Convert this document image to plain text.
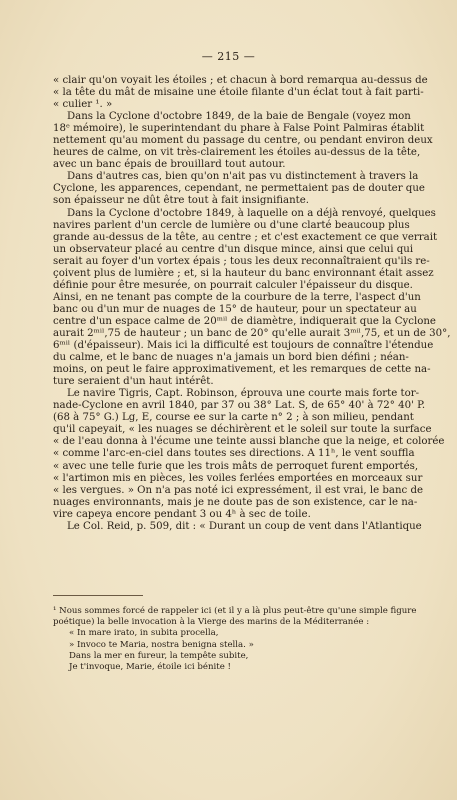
— 215 —
« clair qu'on voyait les étoiles ; et chacun à bord remarqua au-dessus de
« la tête du mât de misaine une étoile filante d'un éclat tout à fait parti-
« culier ¹. »
Dans la Cyclone d'octobre 1849, de la baie de Bengale (voyez mon
18ᵉ mémoire), le superintendant du phare à False Point Palmiras établit
nettement qu'au moment du passage du centre, ou pendant environ deux
heures de calme, on vit très-clairement les étoiles au-dessus de la tête,
avec un banc épais de brouillard tout autour.
Dans d'autres cas, bien qu'on n'ait pas vu distinctement à travers la
Cyclone, les apparences, cependant, ne permettaient pas de douter que
son épaisseur ne dût être tout à fait insignifiante.
Dans la Cyclone d'octobre 1849, à laquelle on a déjà renvoyé, quelques
navires parlent d'un cercle de lumière ou d'une clarté beaucoup plus
grande au-dessus de la tête, au centre ; et c'est exactement ce que verrait
un observateur placé au centre d'un disque mince, ainsi que celui qui
serait au foyer d'un vortex épais ; tous les deux reconnaîtraient qu'ils re-
çoivent plus de lumière ; et, si la hauteur du banc environnant était assez
définie pour être mesurée, on pourrait calculer l'épaisseur du disque.
Ainsi, en ne tenant pas compte de la courbure de la terre, l'aspect d'un
banc ou d'un mur de nuages de 15° de hauteur, pour un spectateur au
centre d'un espace calme de 20ᵐⁱˡ de diamètre, indiquerait que la Cyclone
aurait 2ᵐⁱˡ,75 de hauteur ; un banc de 20° qu'elle aurait 3ᵐⁱˡ,75, et un de 30°,
6ᵐⁱˡ (d'épaisseur). Mais ici la difficulté est toujours de connaître l'étendue
du calme, et le banc de nuages n'a jamais un bord bien défini ; néan-
moins, on peut le faire approximativement, et les remarques de cette na-
ture seraient d'un haut intérêt.
Le navire Tigris, Capt. Robinson, éprouva une courte mais forte tor-
nade-Cyclone en avril 1840, par 37 ou 38° Lat. S, de 65° 40' à 72° 40' P.
(68 à 75° G.) Lg, E, course ee sur la carte n° 2 ; à son milieu, pendant
qu'il capeyait, « les nuages se déchirèrent et le soleil sur toute la surface
« de l'eau donna à l'écume une teinte aussi blanche que la neige, et colorée
« comme l'arc-en-ciel dans toutes ses directions. A 11ʰ, le vent souffla
« avec une telle furie que les trois mâts de perroquet furent emportés,
« l'artimon mis en pièces, les voiles ferlées emportées en morceaux sur
« les vergues. » On n'a pas noté ici expressément, il est vrai, le banc de
nuages environnants, mais je ne doute pas de son existence, car le na-
vire capeya encore pendant 3 ou 4ʰ à sec de toile.
Le Col. Reid, p. 509, dit : « Durant un coup de vent dans l'Atlantique
¹ Nous sommes forcé de rappeler ici (et il y a là plus peut-être qu'une simple figure
poétique) la belle invocation à la Vierge des marins de la Méditerranée :
« In mare irato, in subita procella,
» Invoco te Maria, nostra benigna stella. »
Dans la mer en fureur, la tempête subite,
Je t'invoque, Marie, étoile ici bénite !
